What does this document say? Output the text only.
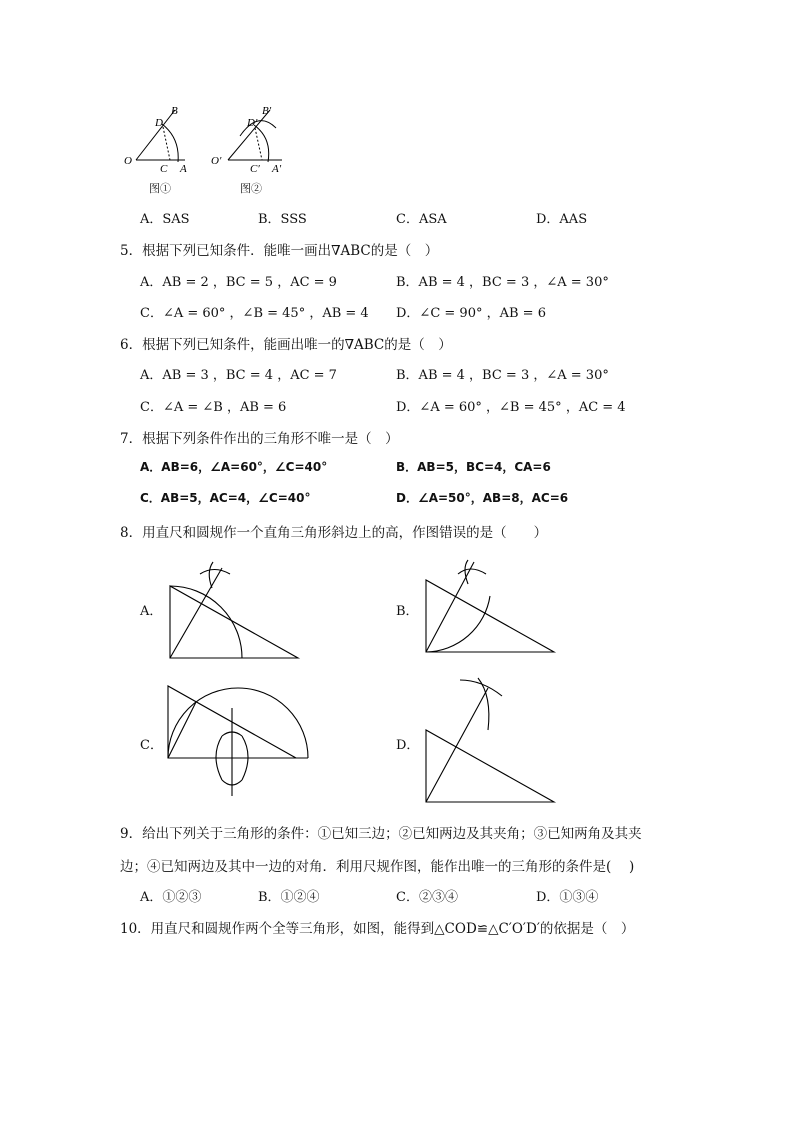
B
D
O
C A
B′
D′
O′
C′ A′
图①	图②
A．SAS	B．SSS	C．ASA	D．AAS
5．根据下列已知条件．能唯一画出∇ABC的是（　）
A．AB = 2 ，BC = 5 ，AC = 9	B．AB = 4 ，BC = 3 ，∠A = 30°
C．∠A = 60° ，∠B = 45° ，AB = 4 D．∠C = 90° ，AB = 6
6．根据下列已知条件，能画出唯一的∇ABC的是（　）
A．AB = 3 ，BC = 4 ，AC = 7	B．AB = 4 ，BC = 3 ，∠A = 30°
C．∠A = ∠B ，AB = 6	D．∠A = 60° ，∠B = 45° ，AC = 4
7．根据下列条件作出的三角形不唯一是（　）
A．AB=6，∠A=60°，∠C=40°	B．AB=5，BC=4，CA=6
C．AB=5，AC=4，∠C=40°	D．∠A=50°，AB=8，AC=6
8．用直尺和圆规作一个直角三角形斜边上的高，作图错误的是（　　）
A．	B．
C．	D．
9．给出下列关于三角形的条件：①已知三边；②已知两边及其夹角；③已知两角及其夹
边；④已知两边及其中一边的对角．利用尺规作图，能作出唯一的三角形的条件是(　 )
A．①②③	B．①②④	C．②③④	D．①③④
10．用直尺和圆规作两个全等三角形，如图，能得到△COD≌△C′O′D′的依据是（　）
